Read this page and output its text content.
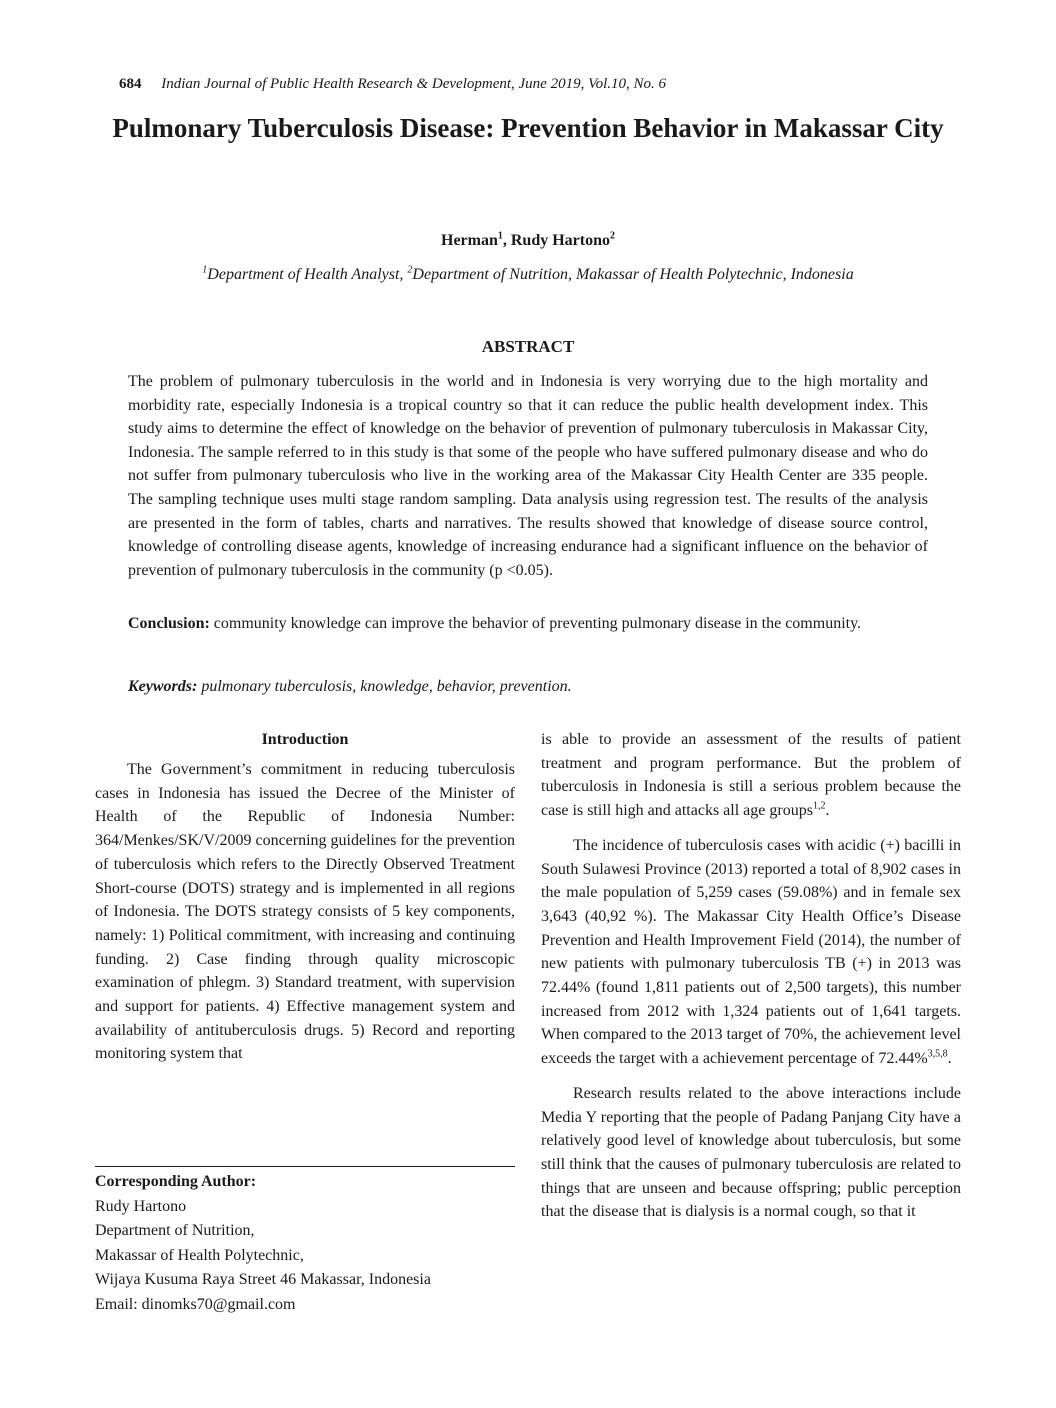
684 Indian Journal of Public Health Research & Development, June 2019, Vol.10, No. 6
Pulmonary Tuberculosis Disease: Prevention Behavior in Makassar City
Herman$^1$, Rudy Hartono$^2$
$^1$Department of Health Analyst, $^2$Department of Nutrition, Makassar of Health Polytechnic, Indonesia
ABSTRACT

The problem of pulmonary tuberculosis in the world and in Indonesia is very worrying due to the high mortality and morbidity rate, especially Indonesia is a tropical country so that it can reduce the public health development index. This study aims to determine the effect of knowledge on the behavior of prevention of pulmonary tuberculosis in Makassar City, Indonesia. The sample referred to in this study is that some of the people who have suffered pulmonary disease and who do not suffer from pulmonary tuberculosis who live in the working area of the Makassar City Health Center are 335 people. The sampling technique uses multi stage random sampling. Data analysis using regression test. The results of the analysis are presented in the form of tables, charts and narratives. The results showed that knowledge of disease source control, knowledge of controlling disease agents, knowledge of increasing endurance had a significant influence on the behavior of prevention of pulmonary tuberculosis in the community (p <0.05).

Conclusion: community knowledge can improve the behavior of preventing pulmonary disease in the community.

Keywords: pulmonary tuberculosis, knowledge, behavior, prevention.

Introduction

The Government’s commitment in reducing tuberculosis cases in Indonesia has issued the Decree of the Minister of Health of the Republic of Indonesia Number: 364/Menkes/SK/V/2009 concerning guidelines for the prevention of tuberculosis which refers to the Directly Observed Treatment Short-course (DOTS) strategy and is implemented in all regions of Indonesia. The DOTS strategy consists of 5 key components, namely: 1) Political commitment, with increasing and continuing funding. 2) Case finding through quality microscopic examination of phlegm. 3) Standard treatment, with supervision and support for patients. 4) Effective management system and availability of antituberculosis drugs. 5) Record and reporting monitoring system that

is able to provide an assessment of the results of patient treatment and program performance. But the problem of tuberculosis in Indonesia is still a serious problem because the case is still high and attacks all age groups$^{1,2}$.

The incidence of tuberculosis cases with acidic (+) bacilli in South Sulawesi Province (2013) reported a total of 8,902 cases in the male population of 5,259 cases (59.08%) and in female sex 3,643 (40,92 %). The Makassar City Health Office’s Disease Prevention and Health Improvement Field (2014), the number of new patients with pulmonary tuberculosis TB (+) in 2013 was 72.44% (found 1,811 patients out of 2,500 targets), this number increased from 2012 with 1,324 patients out of 1,641 targets. When compared to the 2013 target of 70%, the achievement level exceeds the target with a achievement percentage of 72.44%$^{3,5,8}$.

Research results related to the above interactions include Media Y reporting that the people of Padang Panjang City have a relatively good level of knowledge about tuberculosis, but some still think that the causes of pulmonary tuberculosis are related to things that are unseen and because offspring; public perception that the disease that is dialysis is a normal cough, so that it

Corresponding Author:
Rudy Hartono
Department of Nutrition,
Makassar of Health Polytechnic,
Wijaya Kusuma Raya Street 46 Makassar, Indonesia
Email: dinomks70@gmail.com
